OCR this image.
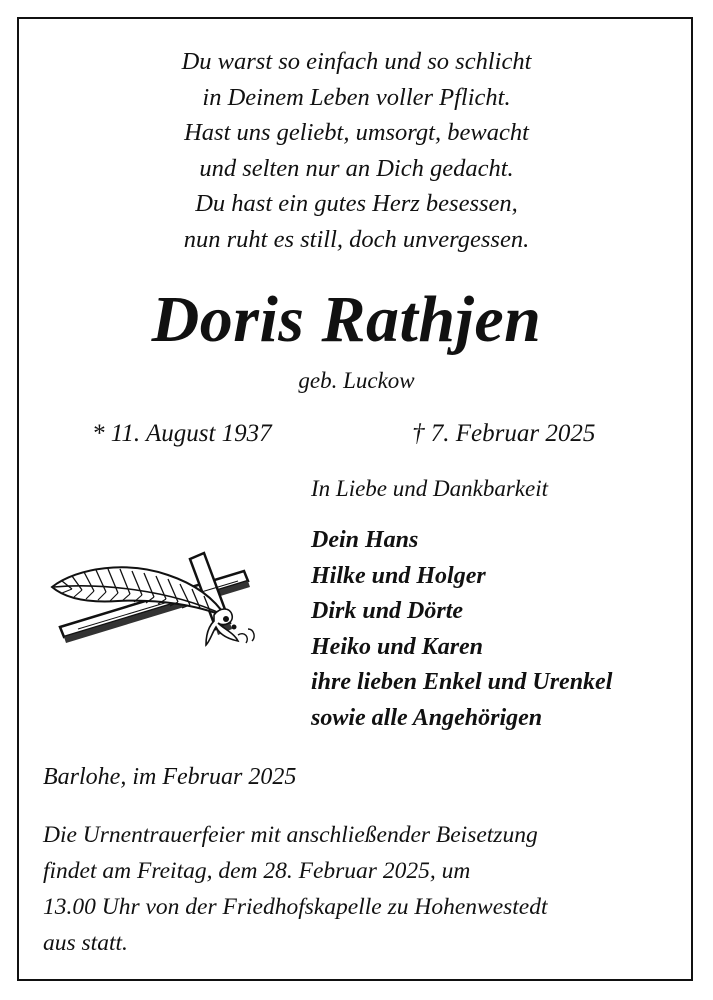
Du warst so einfach und so schlicht
in Deinem Leben voller Pflicht.
Hast uns geliebt, umsorgt, bewacht
und selten nur an Dich gedacht.
Du hast ein gutes Herz besessen,
nun ruht es still, doch unvergessen.
Doris Rathjen
geb. Luckow
* 11. August 1937	† 7. Februar 2025
In Liebe und Dankbarkeit
Dein Hans
Hilke und Holger
Dirk und Dörte
Heiko und Karen
ihre lieben Enkel und Urenkel
sowie alle Angehörigen
Barlohe, im Februar 2025
Die Urnentrauerfeier mit anschließender Beisetzung
findet am Freitag, dem 28. Februar 2025, um
13.00 Uhr von der Friedhofskapelle zu Hohenwestedt
aus statt.
